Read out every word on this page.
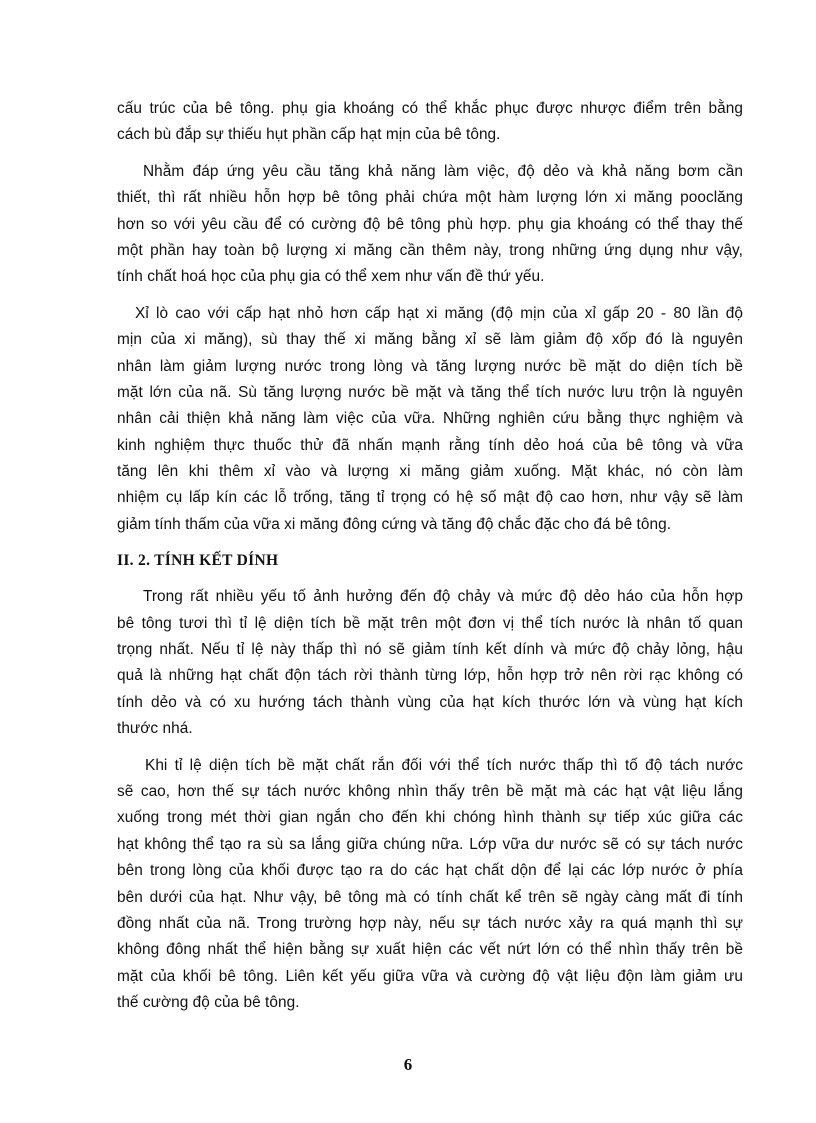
cấu trúc của bê tông. phụ gia khoáng có thể khắc phục được nhược điểm trên bằng
cách bù đắp sự thiếu hụt phần cấp hạt mịn của bê tông.
Nhằm đáp ứng yêu cầu tăng khả năng làm việc, độ dẻo và khả năng bơm cần
thiết, thì rất nhiều hỗn hợp bê tông phải chứa một hàm lượng lớn xi măng pooclăng
hơn so với yêu cầu để có cường độ bê tông phù hợp. phụ gia khoáng có thể thay thế
một phần hay toàn bộ lượng xi măng cần thêm này, trong những ứng dụng như vậy,
tính chất hoá học của phụ gia có thể xem như vấn đề thứ yếu.
Xỉ lò cao với cấp hạt nhỏ hơn cấp hạt xi măng (độ mịn của xỉ gấp 20 - 80 lần độ
mịn của xi măng), sù thay thế xi măng bằng xỉ sẽ làm giảm độ xốp đó là nguyên
nhân làm giảm lượng nước trong lòng và tăng lượng nước bề mặt do diện tích bề
mặt lớn của nã. Sù tăng lượng nước bề mặt và tăng thể tích nước lưu trộn là nguyên
nhân cải thiện khả năng làm việc của vữa. Những nghiên cứu bằng thực nghiệm và
kinh nghiệm thực thuốc thử đã nhấn mạnh rằng tính dẻo hoá của bê tông và vữa
tăng lên khi thêm xỉ vào và lượng xi măng giảm xuống. Mặt khác, nó còn làm
nhiệm cụ lấp kín các lỗ trống, tăng tỉ trọng có hệ số mật độ cao hơn, như vậy sẽ làm
giảm tính thấm của vữa xi măng đông cứng và tăng độ chắc đặc cho đá bê tông.
II. 2. TÍNH KẾT DÍNH
Trong rất nhiều yếu tố ảnh hưởng đến độ chảy và mức độ dẻo háo của hỗn hợp
bê tông tươi thì tỉ lệ diện tích bề mặt trên một đơn vị thể tích nước là nhân tố quan
trọng nhất. Nếu tỉ lệ này thấp thì nó sẽ giảm tính kết dính và mức độ chảy lỏng, hậu
quả là những hạt chất độn tách rời thành từng lớp, hỗn hợp trở nên rời rạc không có
tính dẻo và có xu hướng tách thành vùng của hạt kích thước lớn và vùng hạt kích
thước nhá.
Khi tỉ lệ diện tích bề mặt chất rắn đối với thể tích nước thấp thì tố độ tách nước
sẽ cao, hơn thế sự tách nước không nhìn thấy trên bề mặt mà các hạt vật liệu lắng
xuống trong mét thời gian ngắn cho đến khi chóng hình thành sự tiếp xúc giữa các
hạt không thể tạo ra sù sa lắng giữa chúng nữa. Lớp vữa dư nước sẽ có sự tách nước
bên trong lòng của khối được tạo ra do các hạt chất dộn để lại các lớp nước ở phía
bên dưới của hạt. Như vậy, bê tông mà có tính chất kể trên sẽ ngày càng mất đi tính
đồng nhất của nã. Trong trường hợp này, nếu sự tách nước xảy ra quá mạnh thì sự
không đông nhất thể hiện bằng sự xuất hiện các vết nứt lớn có thể nhìn thấy trên bề
mặt của khối bê tông. Liên kết yếu giữa vữa và cường độ vật liệu độn làm giảm ưu
thế cường độ của bê tông.
6
